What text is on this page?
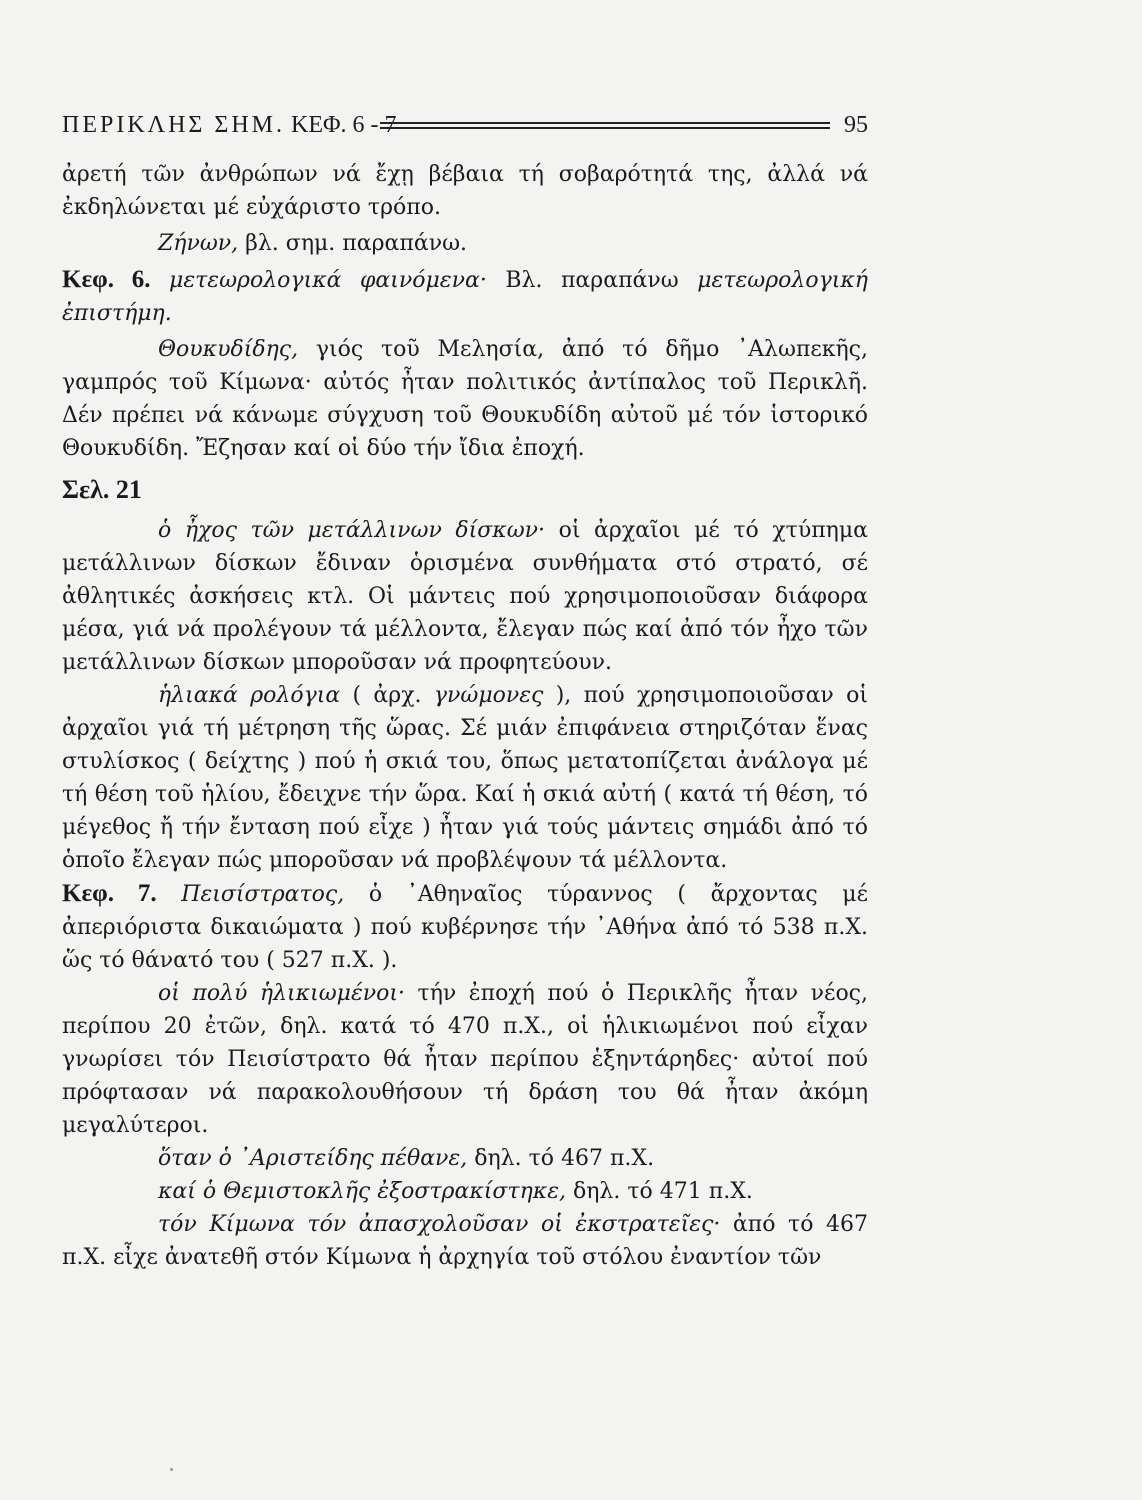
ΠΕΡΙΚΛΗΣ ΣΗΜ. ΚΕΦ. 6 - 7	95

ἀρετή τῶν ἀνθρώπων νά ἔχῃ βέβαια τή σοβαρότητά της, ἀλλά νά ἐκδηλώνεται μέ εὐχάριστο τρόπο.

Ζήνων, βλ. σημ. παραπάνω.

Κεφ. 6. μετεωρολογικά φαινόμενα· Βλ. παραπάνω μετεωρολογική ἐπιστήμη.

Θουκυδίδης, γιός τοῦ Μελησία, ἀπό τό δῆμο ᾽Αλωπεκῆς, γαμπρός τοῦ Κίμωνα· αὐτός ἦταν πολιτικός ἀντίπαλος τοῦ Περικλῆ. Δέν πρέπει νά κάνωμε σύγχυση τοῦ Θουκυδίδη αὐτοῦ μέ τόν ἱστορικό Θουκυδίδη. Ἔζησαν καί οἱ δύο τήν ἴδια ἐποχή.

Σελ. 21

ὁ ἦχος τῶν μετάλλινων δίσκων· οἱ ἀρχαῖοι μέ τό χτύπημα μετάλλινων δίσκων ἔδιναν ὁρισμένα συνθήματα στό στρατό, σέ ἀθλητικές ἀσκήσεις κτλ. Οἱ μάντεις πού χρησιμοποιοῦσαν διάφορα μέσα, γιά νά προλέγουν τά μέλλοντα, ἔλεγαν πώς καί ἀπό τόν ἦχο τῶν μετάλλινων δίσκων μποροῦσαν νά προφητεύουν.

ἡλιακά ρολόγια ( ἀρχ. γνώμονες ), πού χρησιμοποιοῦσαν οἱ ἀρχαῖοι γιά τή μέτρηση τῆς ὥρας. Σέ μιάν ἐπιφάνεια στηριζόταν ἕνας στυλίσκος ( δείχτης ) πού ἡ σκιά του, ὅπως μετατοπίζεται ἀνάλογα μέ τή θέση τοῦ ἡλίου, ἔδειχνε τήν ὥρα. Καί ἡ σκιά αὐτή ( κατά τή θέση, τό μέγεθος ἤ τήν ἔνταση πού εἶχε ) ἦταν γιά τούς μάντεις σημάδι ἀπό τό ὁποῖο ἔλεγαν πώς μποροῦσαν νά προβλέψουν τά μέλλοντα.

Κεφ. 7. Πεισίστρατος, ὁ ᾽Αθηναῖος τύραννος ( ἄρχοντας μέ ἀπεριόριστα δικαιώματα ) πού κυβέρνησε τήν ᾽Αθήνα ἀπό τό 538 π.Χ. ὥς τό θάνατό του ( 527 π.Χ. ).

οἱ πολύ ἡλικιωμένοι· τήν ἐποχή πού ὁ Περικλῆς ἦταν νέος, περίπου 20 ἐτῶν, δηλ. κατά τό 470 π.Χ., οἱ ἡλικιωμένοι πού εἶχαν γνωρίσει τόν Πεισίστρατο θά ἦταν περίπου ἑξηντάρηδες· αὐτοί πού πρόφτασαν νά παρακολουθήσουν τή δράση του θά ἦταν ἀκόμη μεγαλύτεροι.

ὅταν ὁ ᾽Αριστείδης πέθανε, δηλ. τό 467 π.Χ.

καί ὁ Θεμιστοκλῆς ἐξοστρακίστηκε, δηλ. τό 471 π.Χ.

τόν Κίμωνα τόν ἀπασχολοῦσαν οἱ ἐκστρατεῖες· ἀπό τό 467 π.Χ. εἶχε ἀνατεθῆ στόν Κίμωνα ἡ ἀρχηγία τοῦ στόλου ἐναντίον τῶν
